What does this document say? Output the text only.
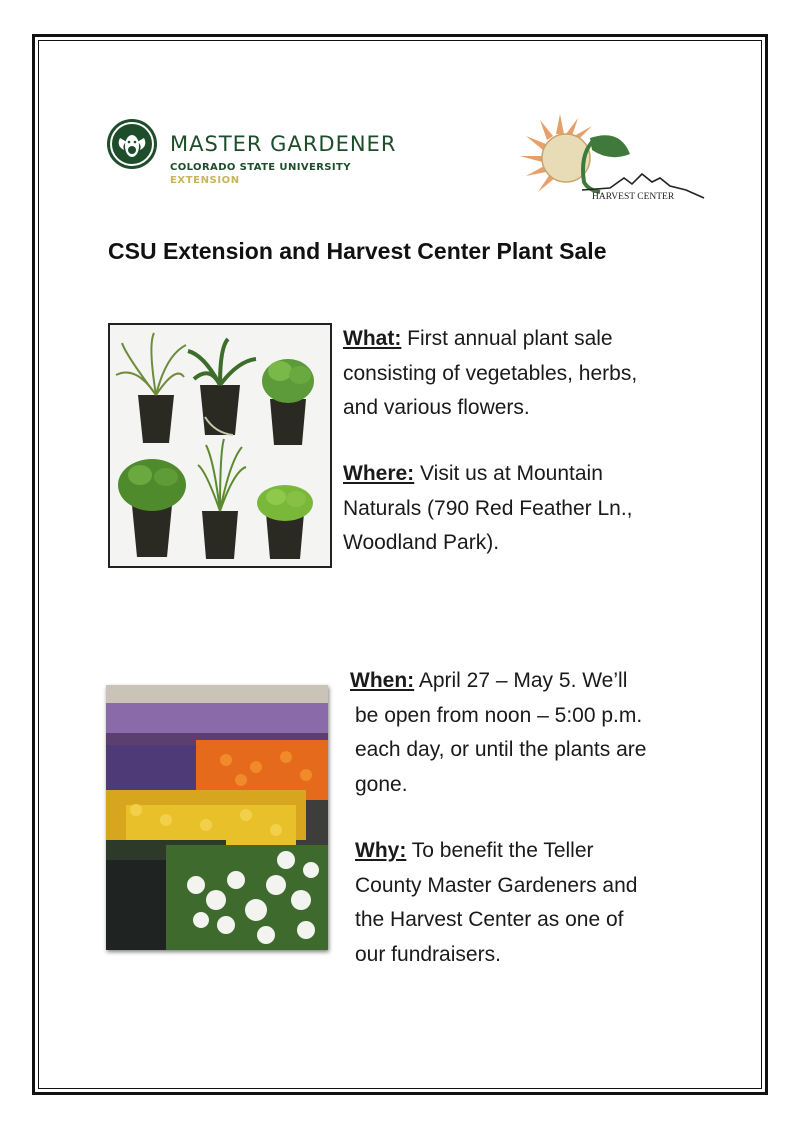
MASTER GARDENER
COLORADO STATE UNIVERSITY
EXTENSION
HARVEST CENTER
CSU Extension and Harvest Center Plant Sale
What: First annual plant sale
consisting of vegetables, herbs,
and various flowers.
Where: Visit us at Mountain
Naturals (790 Red Feather Ln.,
Woodland Park).
When: April 27 – May 5. We’ll
be open from noon – 5:00 p.m.
each day, or until the plants are
gone.
Why: To benefit the Teller
County Master Gardeners and
the Harvest Center as one of
our fundraisers.
